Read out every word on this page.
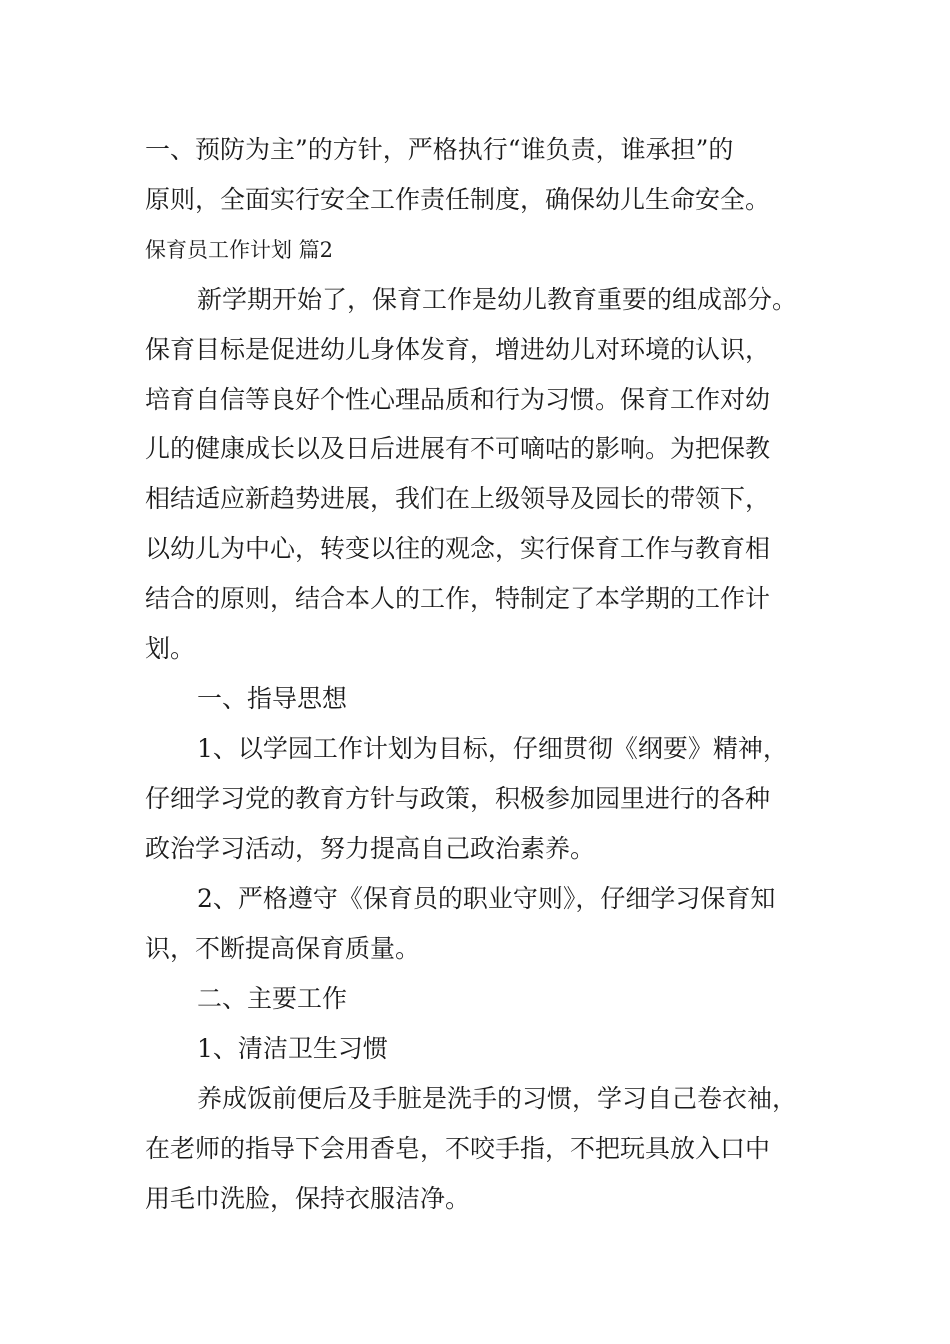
一、预防为主”的方针，严格执行“谁负责，谁承担”的
原则，全面实行安全工作责任制度，确保幼儿生命安全。
保育员工作计划 篇2
新学期开始了，保育工作是幼儿教育重要的组成部分。
保育目标是促进幼儿身体发育，增进幼儿对环境的认识，
培育自信等良好个性心理品质和行为习惯。保育工作对幼
儿的健康成长以及日后进展有不可嘀咕的影响。为把保教
相结适应新趋势进展，我们在上级领导及园长的带领下，
以幼儿为中心，转变以往的观念，实行保育工作与教育相
结合的原则，结合本人的工作，特制定了本学期的工作计
划。
一、指导思想
1、以学园工作计划为目标，仔细贯彻《纲要》精神，
仔细学习党的教育方针与政策，积极参加园里进行的各种
政治学习活动，努力提高自己政治素养。
2、严格遵守《保育员的职业守则》，仔细学习保育知
识，不断提高保育质量。
二、主要工作
1、清洁卫生习惯
养成饭前便后及手脏是洗手的习惯，学习自己卷衣袖，
在老师的指导下会用香皂，不咬手指，不把玩具放入口中
用毛巾洗脸，保持衣服洁净。
